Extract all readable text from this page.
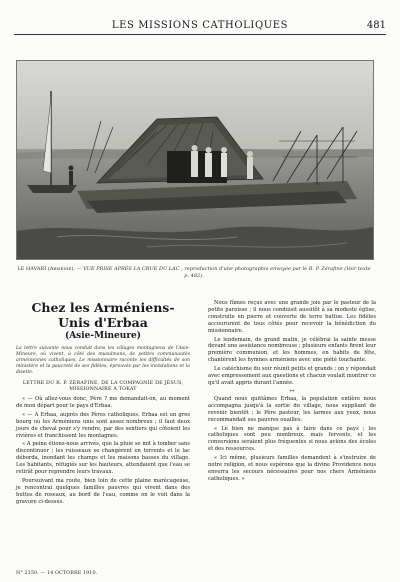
LES MISSIONS CATHOLIQUES	481
LE HAVARI (Arménie). — VUE PRISE APRÈS LA CRUE DU LAC ; reproduction d'une photographie envoyée par le R. P. Zérafine (Voir texte p. 482).
Chez les Arméniens-Unis d'Erbaa
(Asie-Mineure)
La lettre suivante nous conduit dans les villages montagneux de l'Asie-Mineure, où vivent, à côté des musulmans, de petites communautés arméniennes catholiques. Le missionnaire raconte les difficultés de son ministère et la pauvreté de ses fidèles, éprouvés par les inondations et la disette.
LETTRE DU R. P. ZÉRAFINE, DE LA COMPAGNIE DE JÉSUS, MISSIONNAIRE A TOKAT

« — Où allez-vous donc, Père ? me demandait-on, au moment de mon départ pour le pays d'Erbaa.

« — A Erbaa, auprès des Pères catholiques. Erbaa est un gros bourg où les Arméniens unis sont assez nombreux ; il faut deux jours de cheval pour s'y rendre, par des sentiers qui côtoient les rivières et franchissent les montagnes.

« A peine étions-nous arrivés, que la pluie se mit à tomber sans discontinuer ; les ruisseaux se changèrent en torrents et le lac déborda, inondant les champs et les maisons basses du village. Les habitants, réfugiés sur les hauteurs, attendaient que l'eau se retirât pour reprendre leurs travaux.

Poursuivant ma route, bien loin de cette plaine marécageuse, je rencontrai quelques familles pauvres qui vivent dans des huttes de roseaux, au bord de l'eau, comme on le voit dans la gravure ci-dessus.

Nous fûmes reçus avec une grande joie par le pasteur de la petite paroisse ; il nous conduisit aussitôt à sa modeste église, construite en pierre et couverte de terre battue. Les fidèles accoururent de tous côtés pour recevoir la bénédiction du missionnaire.

Le lendemain, de grand matin, je célébrai la sainte messe devant une assistance nombreuse ; plusieurs enfants firent leur première communion, et les hommes, en habits de fête, chantèrent les hymnes arméniens avec une piété touchante.

Le catéchisme du soir réunit petits et grands ; on y répondait avec empressement aux questions et chacun voulait montrer ce qu'il avait appris durant l'année.

**

Quand nous quittâmes Erbaa, la population entière nous accompagna jusqu'à la sortie du village, nous suppliant de revenir bientôt ; le Père pasteur, les larmes aux yeux, nous recommandait ses pauvres ouailles.

« Le bien ne manque pas à faire dans ce pays ; les catholiques sont peu nombreux, mais fervents, et les conversions seraient plus fréquentes si nous avions des écoles et des ressources.

« Ici même, plusieurs familles demandent à s'instruire de notre religion, et nous espérons que la divine Providence nous enverra les secours nécessaires pour nos chers Arméniens catholiques. »

N° 2150. — 14 OCTOBRE 1910.
